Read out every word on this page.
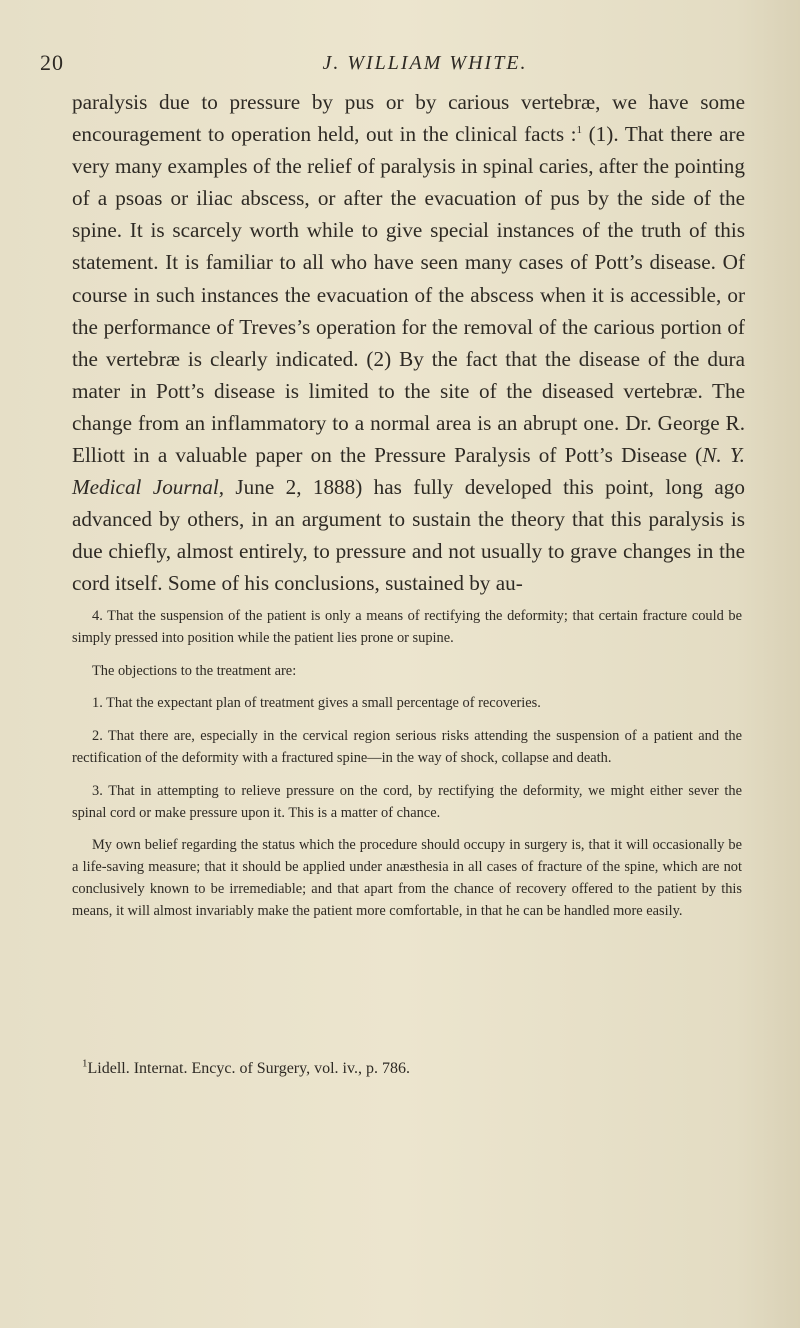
20	J. WILLIAM WHITE.

paralysis due to pressure by pus or by carious vertebræ, we have some encouragement to operation held, out in the clinical facts :$^1$ (1). That there are very many examples of the relief of paralysis in spinal caries, after the pointing of a psoas or iliac abscess, or after the evacuation of pus by the side of the spine. It is scarcely worth while to give special instances of the truth of this statement. It is familiar to all who have seen many cases of Pott’s disease. Of course in such instances the evacuation of the abscess when it is accessible, or the performance of Treves’s operation for the removal of the carious portion of the vertebræ is clearly indicated. (2) By the fact that the disease of the dura mater in Pott’s disease is limited to the site of the diseased vertebræ. The change from an inflammatory to a normal area is an abrupt one. Dr. George R. Elliott in a valuable paper on the Pressure Paralysis of Pott’s Disease (N. Y. Medical Journal, June 2, 1888) has fully developed this point, long ago advanced by others, in an argument to sustain the theory that this paralysis is due chiefly, almost entirely, to pressure and not usually to grave changes in the cord itself. Some of his conclusions, sustained by au-

4. That the suspension of the patient is only a means of rectifying the deformity; that certain fracture could be simply pressed into position while the patient lies prone or supine.

The objections to the treatment are:

1. That the expectant plan of treatment gives a small percentage of recoveries.

2. That there are, especially in the cervical region serious risks attending the suspension of a patient and the rectification of the deformity with a fractured spine—in the way of shock, collapse and death.

3. That in attempting to relieve pressure on the cord, by rectifying the deformity, we might either sever the spinal cord or make pressure upon it. This is a matter of chance.

My own belief regarding the status which the procedure should occupy in surgery is, that it will occasionally be a life-saving measure; that it should be applied under anæsthesia in all cases of fracture of the spine, which are not conclusively known to be irremediable; and that apart from the chance of recovery offered to the patient by this means, it will almost invariably make the patient more comfortable, in that he can be handled more easily.

$^1$Lidell. Internat. Encyc. of Surgery, vol. iv., p. 786.
